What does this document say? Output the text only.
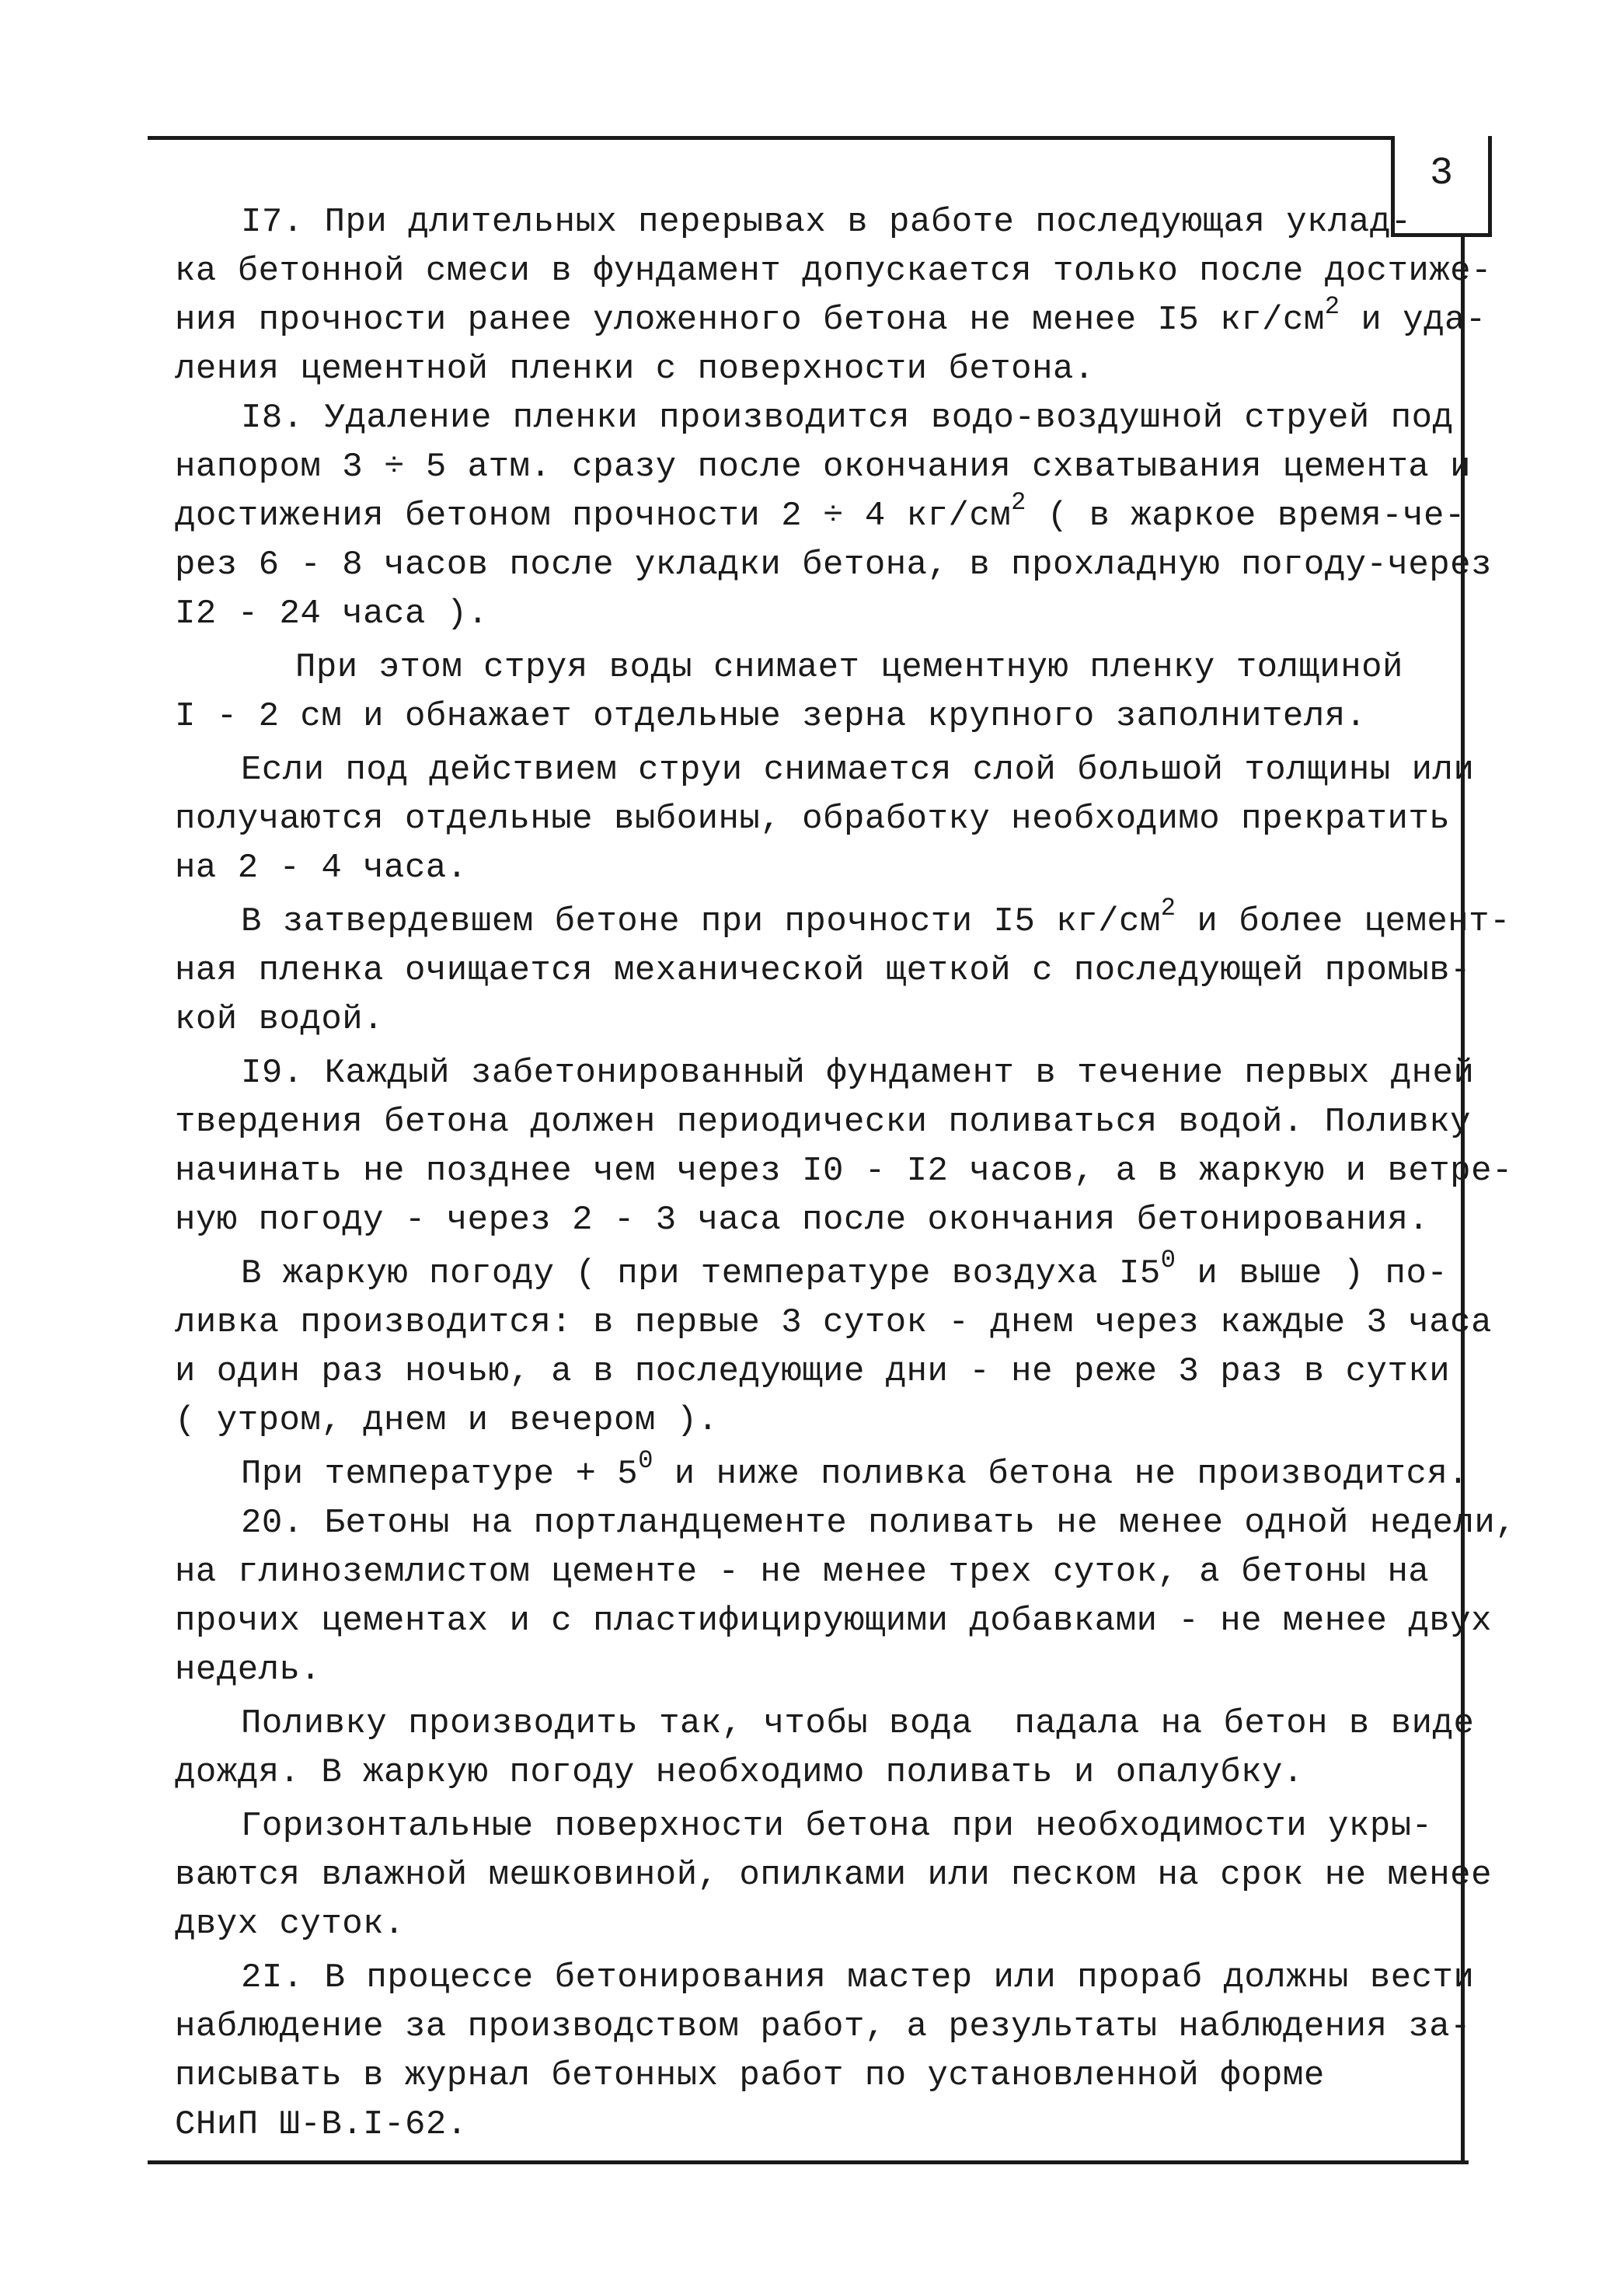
3
I7. При длительных перерывах в работе последующая уклад-
ка бетонной смеси в фундамент допускается только после достиже-
ния прочности ранее уложенного бетона не менее I5 $кг/см^2$ и уда-
ления цементной пленки с поверхности бетона.
I8. Удаление пленки производится водо-воздушной струей под
напором 3 ÷ 5 атм. сразу после окончания схватывания цемента и
достижения бетоном прочности 2 ÷ 4 $кг/см^2$ ( в жаркое время-че-
рез 6 - 8 часов после укладки бетона, в прохладную погоду-через
I2 - 24 часа ).
При этом струя воды снимает цементную пленку толщиной
I - 2 см и обнажает отдельные зерна крупного заполнителя.
Если под действием струи снимается слой большой толщины или
получаются отдельные выбоины, обработку необходимо прекратить
на 2 - 4 часа.
В затвердевшем бетоне при прочности I5 $кг/см^2$ и более цемент-
ная пленка очищается механической щеткой с последующей промыв-
кой водой.
I9. Каждый забетонированный фундамент в течение первых дней
твердения бетона должен периодически поливаться водой. Поливку
начинать не позднее чем через I0 - I2 часов, а в жаркую и ветре-
ную погоду - через 2 - 3 часа после окончания бетонирования.
В жаркую погоду ( при температуре воздуха $I5^0$ и выше ) по-
ливка производится: в первые 3 суток - днем через каждые 3 часа
и один раз ночью, а в последующие дни - не реже 3 раз в сутки
( утром, днем и вечером ).
При температуре + $5^0$ и ниже поливка бетона не производится.
20. Бетоны на портландцементе поливать не менее одной недели,
на глиноземлистом цементе - не менее трех суток, а бетоны на
прочих цементах и с пластифицирующими добавками - не менее двух
недель.
Поливку производить так, чтобы вода  падала на бетон в виде
дождя. В жаркую погоду необходимо поливать и опалубку.
Горизонтальные поверхности бетона при необходимости укры-
ваются влажной мешковиной, опилками или песком на срок не менее
двух суток.
2I. В процессе бетонирования мастер или прораб должны вести
наблюдение за производством работ, а результаты наблюдения за-
писывать в журнал бетонных работ по установленной форме
СНиП Ш-В.I-62.
